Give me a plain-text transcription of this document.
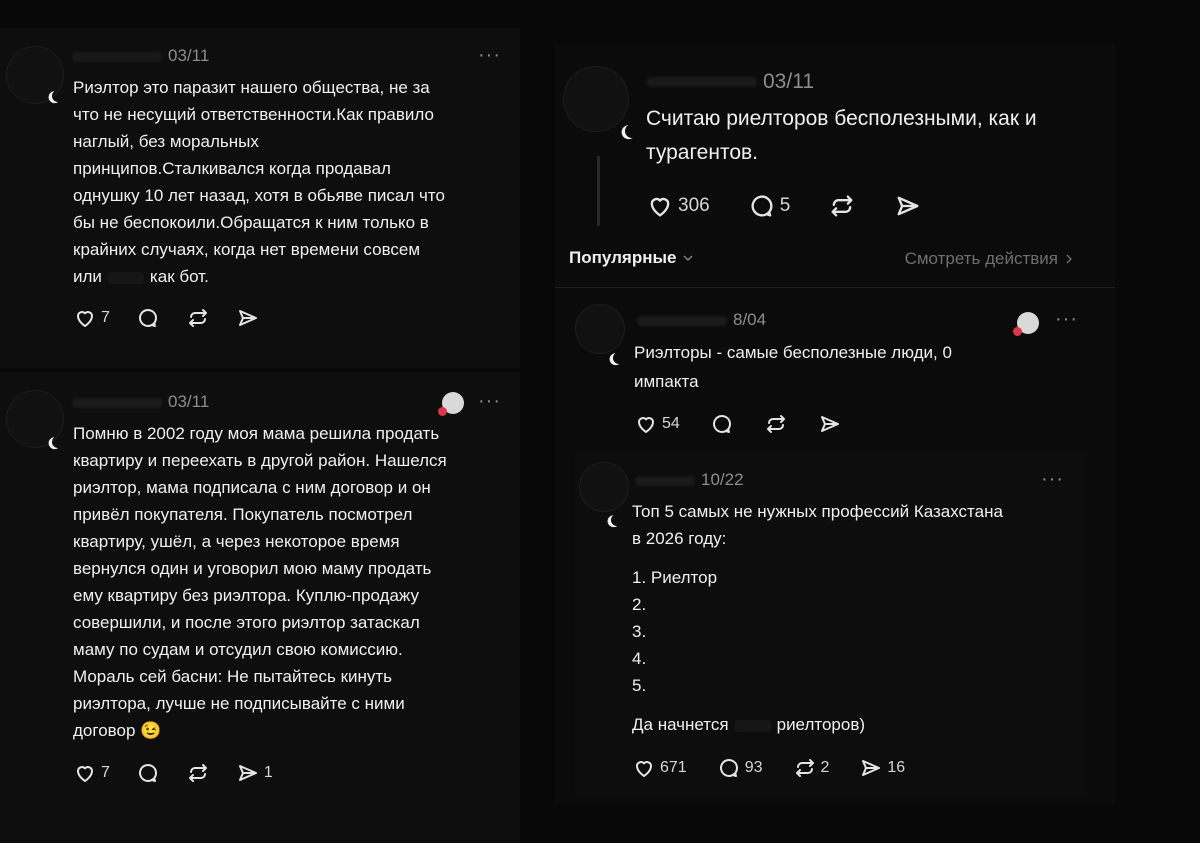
03/11	···

Риэлтор это паразит нашего общества, не за

что не несущий ответственности.Как правило

наглый, без моральных

принципов.Сталкивался когда продавал

однушку 10 лет назад, хотя в обьяве писал что

бы не беспокоили.Обращатся к ним только в

крайних случаях, когда нет времени совсем

или	как бот.

7
03/11	···

Помню в 2002 году моя мама решила продать

квартиру и переехать в другой район. Нашелся

риэлтор, мама подписала с ним договор и он

привёл покупателя. Покупатель посмотрел

квартиру, ушёл, а через некоторое время

вернулся один и уговорил мою маму продать

ему квартиру без риэлтора. Куплю-продажу

совершили, и после этого риэлтор затаскал

маму по судам и отсудил свою комиссию.

Мораль сей басни: Не пытайтесь кинуть

риэлтора, лучше не подписывайте с ними

договор 😉

7	1
03/11

Считаю риелторов бесполезными, как и

турагентов.

306	5
Популярные	Смотреть действия
8/04	···

Риэлторы - самые бесполезные люди, 0

импакта

54
10/22	···

Топ 5 самых не нужных профессий Казахстана

в 2026 году:

1. Риелтор

2.

3.

4.

5.

Да начнется	риелторов)

671	93	2	16
